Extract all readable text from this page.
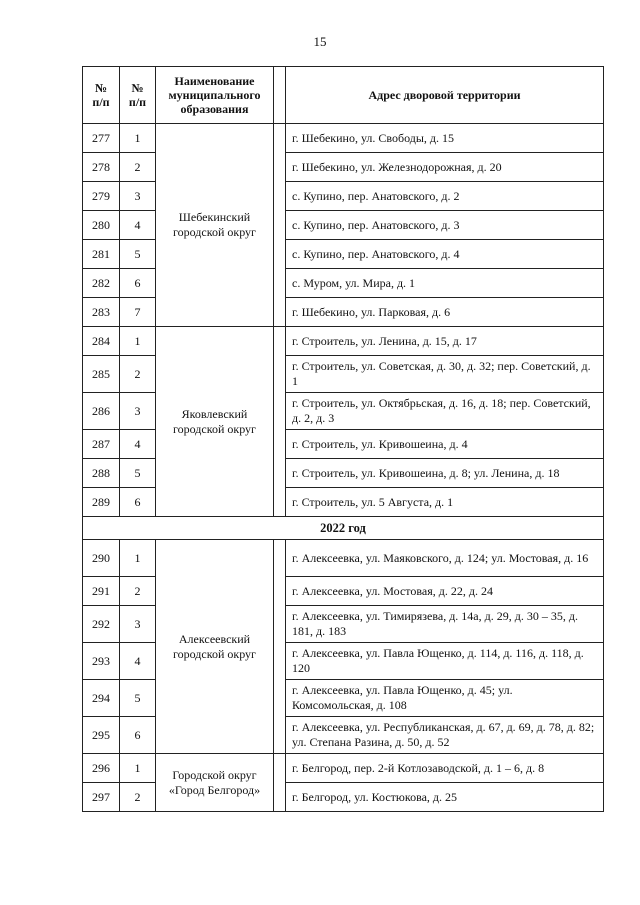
15
№ п/п	№ п/п	Наименование муниципального образования		Адрес дворовой территории
277	1	Шебекинский городской округ		г. Шебекино, ул. Свободы, д. 15
278	2			г. Шебекино, ул. Железнодорожная, д. 20
279	3			с. Купино, пер. Анатовского, д. 2
280	4			с. Купино, пер. Анатовского, д. 3
281	5			с. Купино, пер. Анатовского, д. 4
282	6			с. Муром, ул. Мира, д. 1
283	7			г. Шебекино, ул. Парковая, д. 6
284	1	Яковлевский городской округ		г. Строитель, ул. Ленина, д. 15, д. 17
285	2			г. Строитель, ул. Советская, д. 30, д. 32; пер. Советский, д. 1
286	3			г. Строитель, ул. Октябрьская, д. 16, д. 18; пер. Советский, д. 2, д. 3
287	4			г. Строитель, ул. Кривошеина, д. 4
288	5			г. Строитель, ул. Кривошеина, д. 8; ул. Ленина, д. 18
289	6			г. Строитель, ул. 5 Августа, д. 1
2022 год				
290	1	Алексеевский городской округ		г. Алексеевка, ул. Маяковского, д. 124; ул. Мостовая, д. 16
291	2			г. Алексеевка, ул. Мостовая, д. 22, д. 24
292	3			г. Алексеевка, ул. Тимирязева, д. 14а, д. 29, д. 30 – 35, д. 181, д. 183
293	4			г. Алексеевка, ул. Павла Ющенко, д. 114, д. 116, д. 118, д. 120
294	5			г. Алексеевка, ул. Павла Ющенко, д. 45; ул. Комсомольская, д. 108
295	6			г. Алексеевка, ул. Республиканская, д. 67, д. 69, д. 78, д. 82; ул. Степана Разина, д. 50, д. 52
296	1	Городской округ «Город Белгород»		г. Белгород, пер. 2-й Котлозаводской, д. 1 – 6, д. 8
297	2			г. Белгород, ул. Костюкова, д. 25
